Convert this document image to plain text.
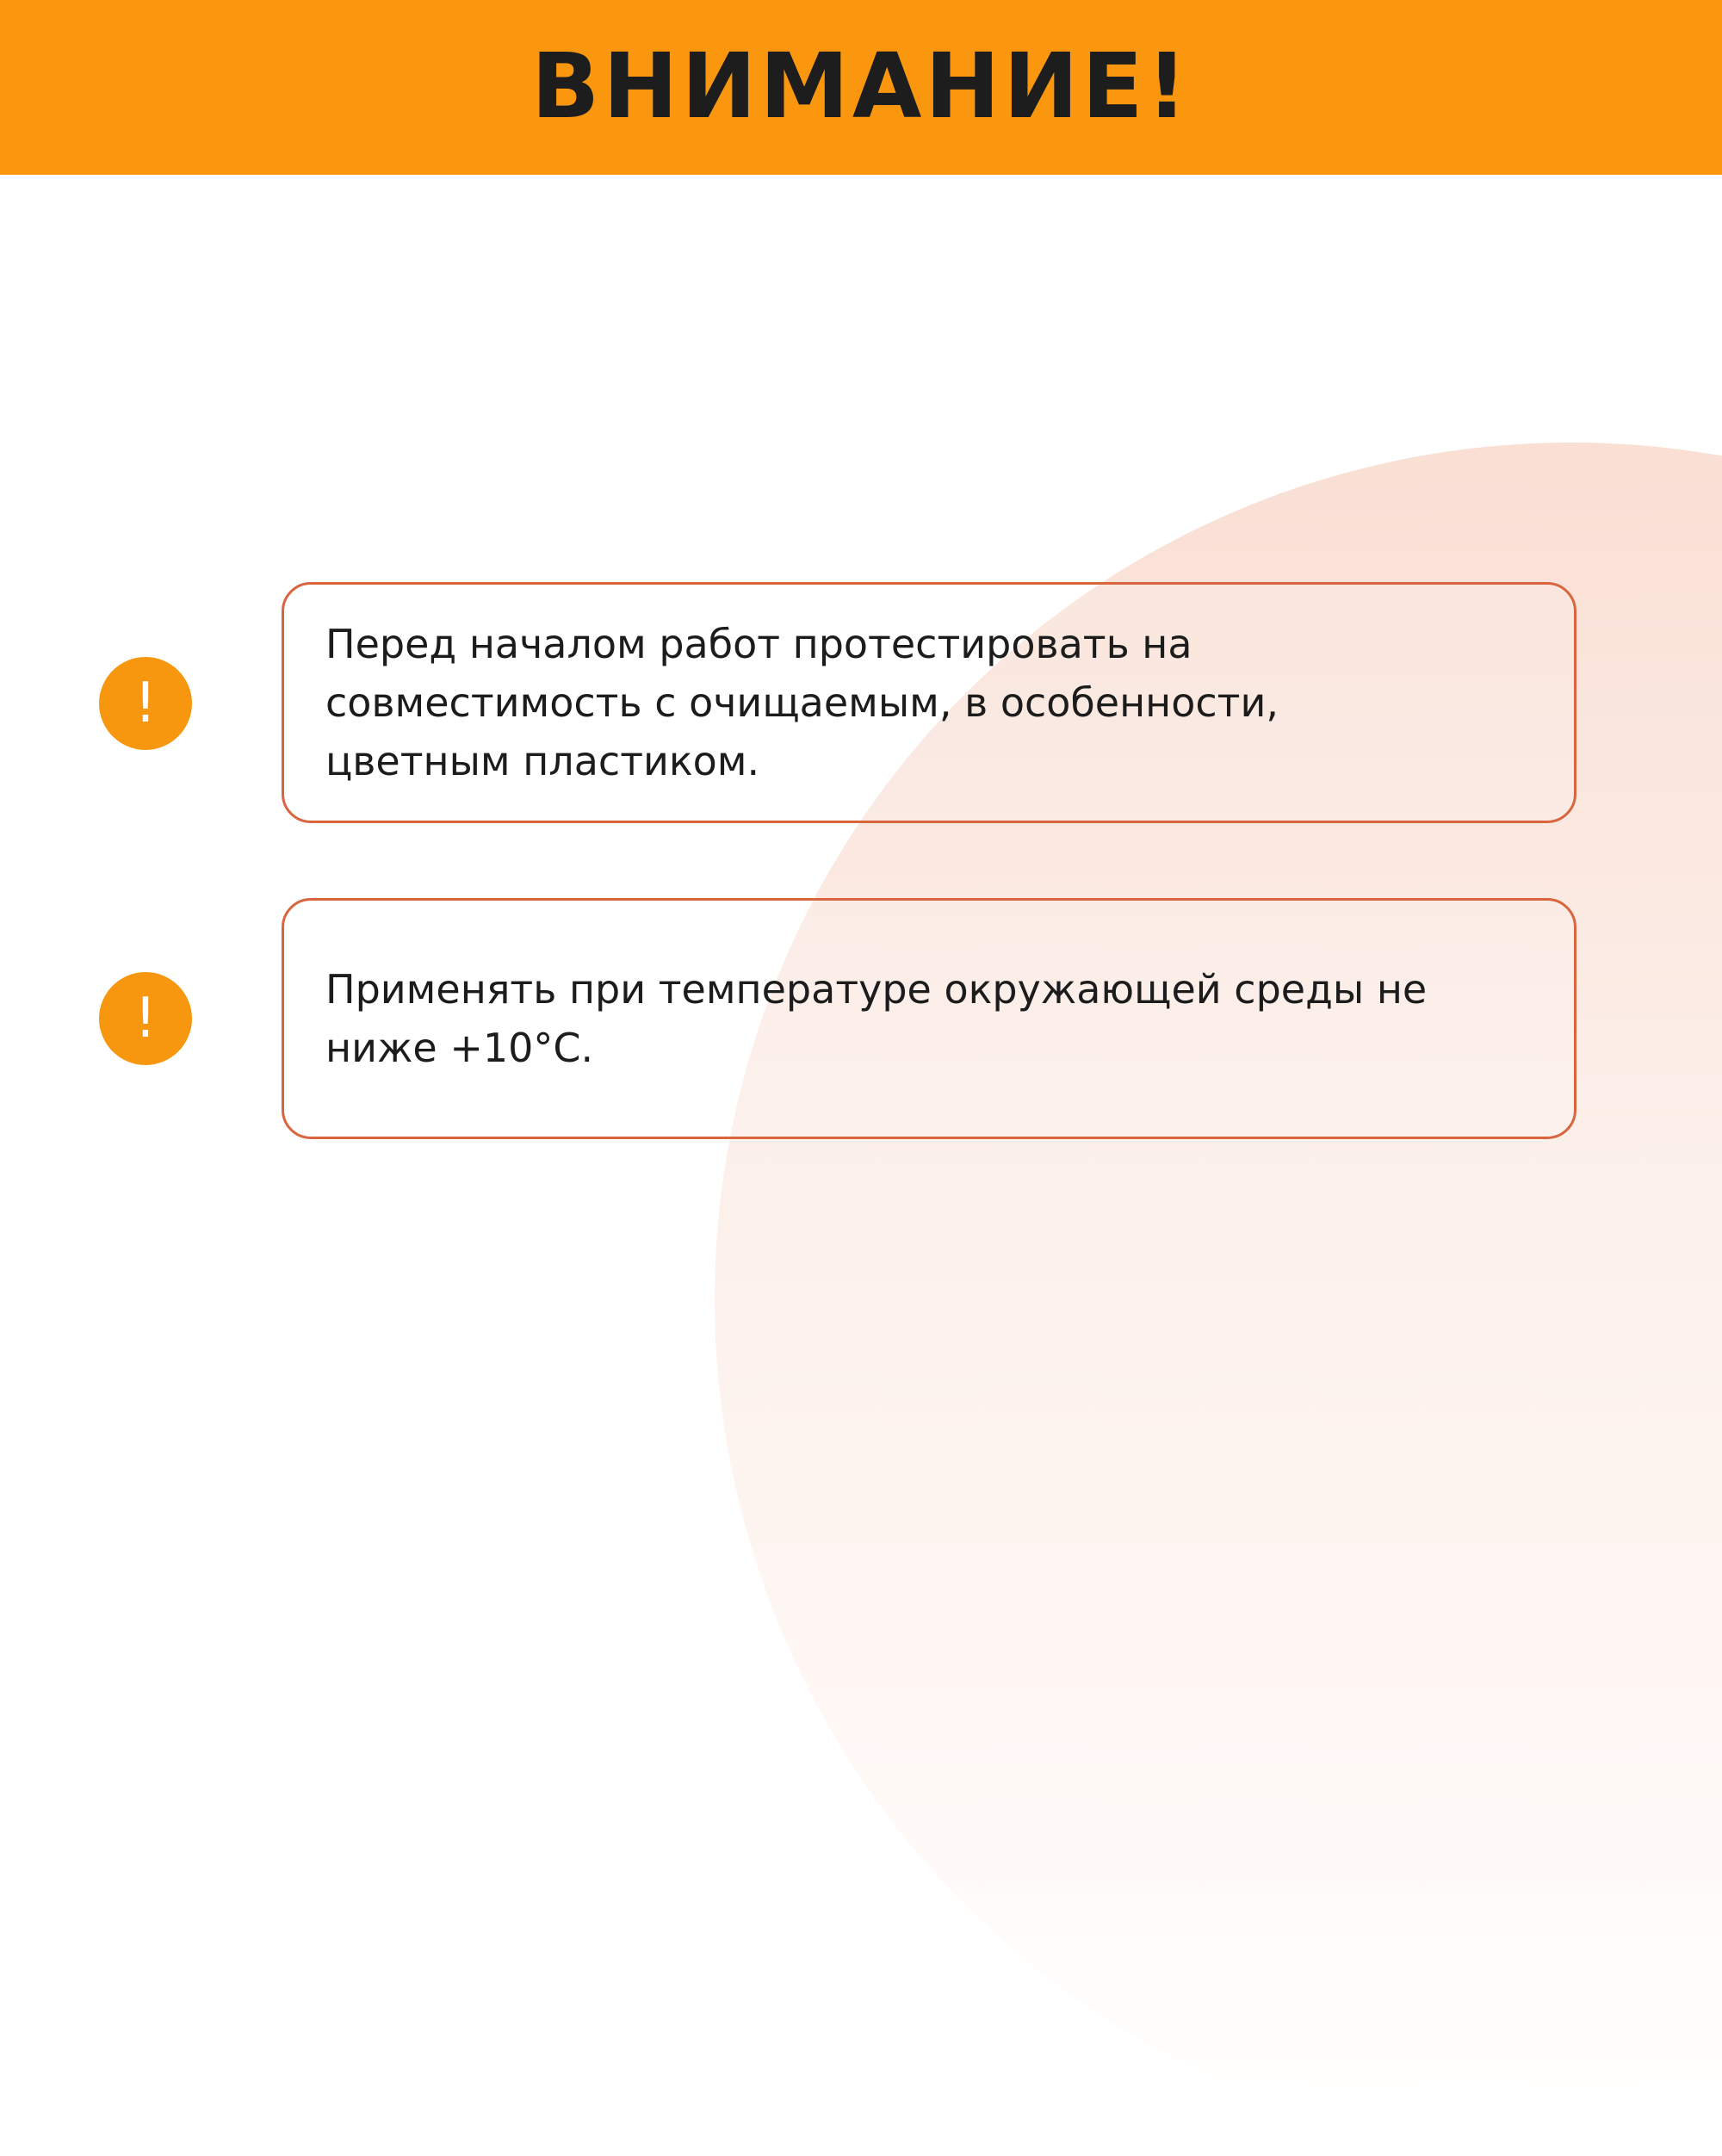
ВНИМАНИЕ!
!

Перед началом работ протестировать на
совместимость с очищаемым, в особенности,
цветным пластиком.

!	Применять при температуре окружающей среды не
ниже +10°С.
